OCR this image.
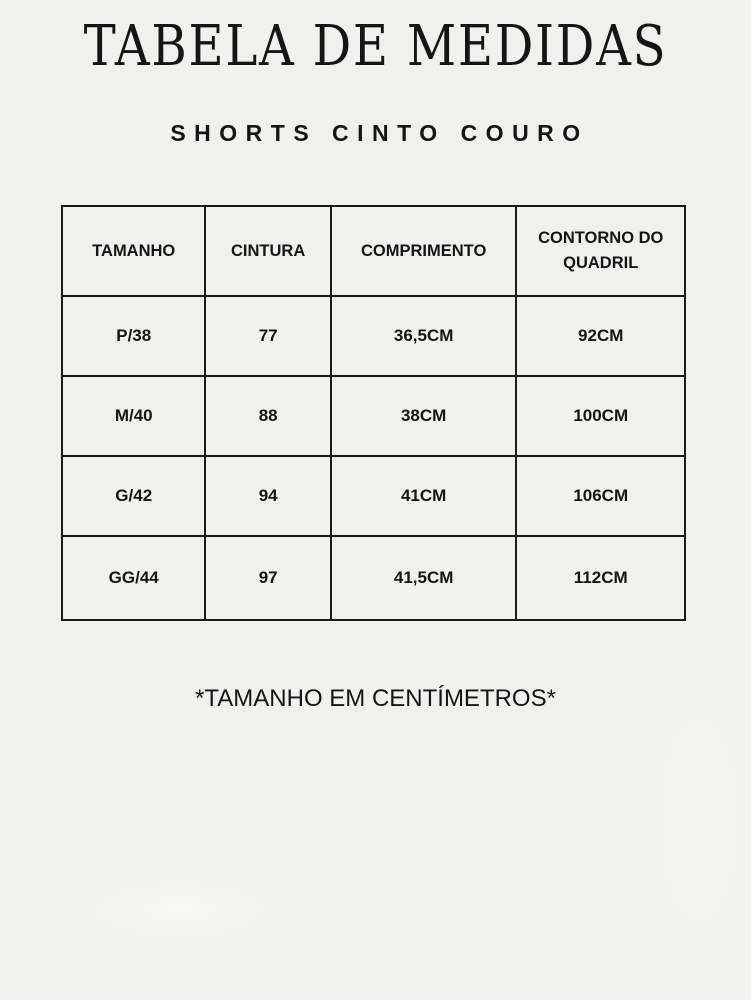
TABELA DE MEDIDAS
SHORTS CINTO COURO
TAMANHO	CINTURA	COMPRIMENTO	CONTORNO DO QUADRIL
P/38	77	36,5CM	92CM
M/40	88	38CM	100CM
G/42	94	41CM	106CM
GG/44	97	41,5CM	112CM

*TAMANHO EM CENTÍMETROS*
